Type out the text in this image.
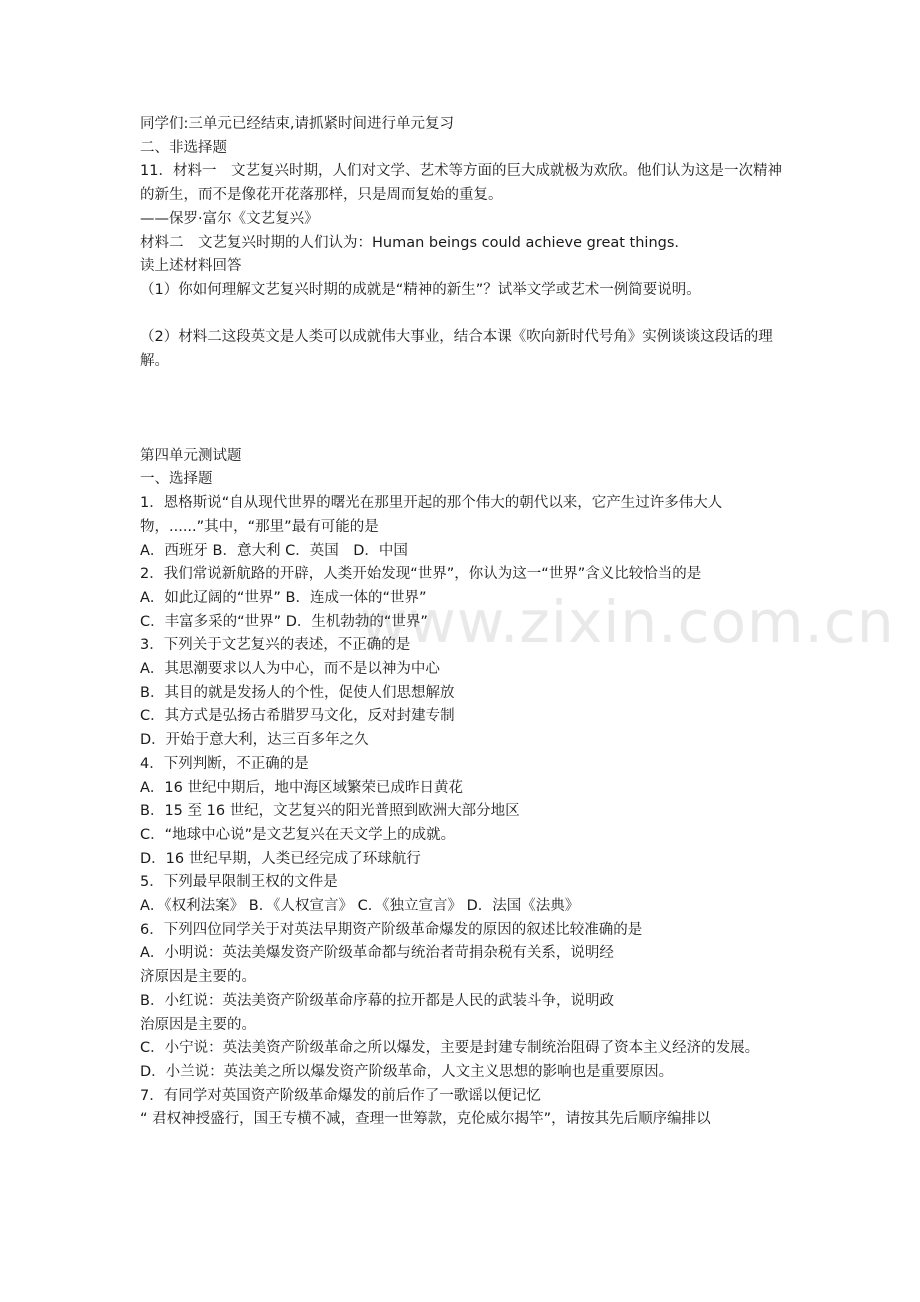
www.zixin.com.cn
同学们:三单元已经结束,请抓紧时间进行单元复习
二、非选择题
11．材料一　文艺复兴时期，人们对文学、艺术等方面的巨大成就极为欢欣。他们认为这是一次精神的新生，而不是像花开花落那样，只是周而复始的重复。
——保罗·富尔《文艺复兴》
材料二　文艺复兴时期的人们认为：Human beings could achieve great things.
读上述材料回答
（1）你如何理解文艺复兴时期的成就是“精神的新生”？试举文学或艺术一例简要说明。
（2）材料二这段英文是人类可以成就伟大事业，结合本课《吹向新时代号角》实例谈谈这段话的理解。
第四单元测试题
一、选择题
1．恩格斯说“自从现代世界的曙光在那里开起的那个伟大的朝代以来，它产生过许多伟大人物，......”其中，“那里”最有可能的是
A．西班牙 B．意大利 C．英国　D．中国
2．我们常说新航路的开辟，人类开始发现“世界”，你认为这一“世界”含义比较恰当的是
A．如此辽阔的“世界” B．连成一体的“世界”
C．丰富多采的“世界” D．生机勃勃的“世界”
3．下列关于文艺复兴的表述，不正确的是
A．其思潮要求以人为中心，而不是以神为中心
B．其目的就是发扬人的个性，促使人们思想解放
C．其方式是弘扬古希腊罗马文化，反对封建专制
D．开始于意大利，达三百多年之久
4．下列判断，不正确的是
A．16 世纪中期后，地中海区域繁荣已成昨日黄花
B．15 至 16 世纪，文艺复兴的阳光普照到欧洲大部分地区
C．“地球中心说”是文艺复兴在天文学上的成就。
D．16 世纪早期，人类已经完成了环球航行
5．下列最早限制王权的文件是
A．《权利法案》 B．《人权宣言》 C．《独立宣言》 D．法国《法典》
6．下列四位同学关于对英法早期资产阶级革命爆发的原因的叙述比较准确的是
A．小明说：英法美爆发资产阶级革命都与统治者苛捐杂税有关系，说明经
济原因是主要的。
B．小红说：英法美资产阶级革命序幕的拉开都是人民的武装斗争，说明政
治原因是主要的。
C．小宁说：英法美资产阶级革命之所以爆发，主要是封建专制统治阻碍了资本主义经济的发展。
D．小兰说：英法美之所以爆发资产阶级革命，人文主义思想的影响也是重要原因。
7．有同学对英国资产阶级革命爆发的前后作了一歌谣以便记忆
“ 君权神授盛行，国王专横不减，查理一世筹款，克伦威尔揭竿”，请按其先后顺序编排以
